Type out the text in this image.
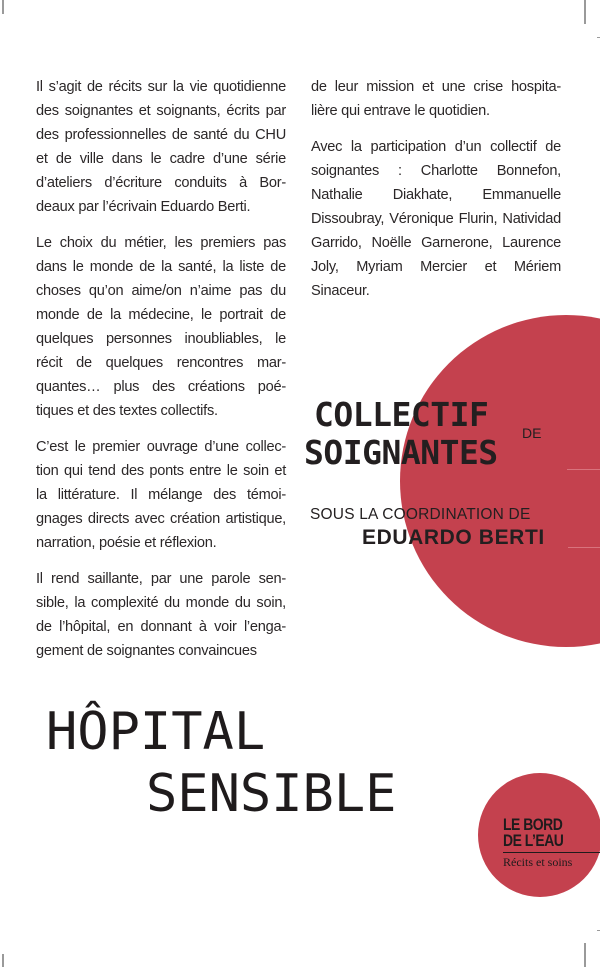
Il s’agit de récits sur la vie quotidienne des soignantes et soignants, écrits par des professionnelles de santé du CHU et de ville dans le cadre d’une série d’ateliers d’écriture conduits à Bor-deaux par l’écrivain Eduardo Berti.

Le choix du métier, les premiers pas dans le monde de la santé, la liste de choses qu’on aime/on n’aime pas du monde de la médecine, le portrait de quelques personnes inoubliables, le récit de quelques rencontres mar-quantes… plus des créations poé-tiques et des textes collectifs.

C’est le premier ouvrage d’une collec-tion qui tend des ponts entre le soin et la littérature. Il mélange des témoi-gnages directs avec création artistique, narration, poésie et réflexion.

Il rend saillante, par une parole sen-sible, la complexité du monde du soin, de l’hôpital, en donnant à voir l’enga-gement de soignantes convaincues

de leur mission et une crise hospita-lière qui entrave le quotidien.

Avec la participation d’un collectif de soignantes : Charlotte Bonnefon, Nathalie Diakhate, Emmanuelle Dissoubray, Véronique Flurin, Natividad Garrido, Noëlle Garnerone, Laurence Joly, Myriam Mercier et Mériem Sinaceur.

COLLECTIF DE
SOIGNANTES
SOUS LA COORDINATION DE
EDUARDO BERTI
HÔPITAL
SENSIBLE
LE BORD
DE L’EAU
Récits et soins
